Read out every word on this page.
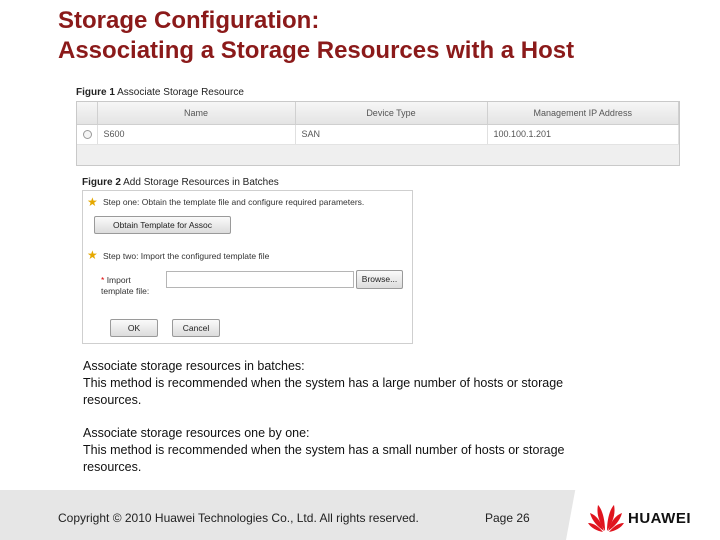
Storage Configuration:
Associating a Storage Resources with a Host
Figure 1 Associate Storage Resource
	Name	Device Type	Management IP Address
	S600	SAN	100.100.1.201
Figure 2 Add Storage Resources in Batches
★ Step one: Obtain the template file and configure required parameters.
Obtain Template for Assoc
★ Step two: Import the configured template file
* Import
template file:
Browse...
OK	Cancel
Associate storage resources in batches:
This method is recommended when the system has a large number of hosts or storage resources.
Associate storage resources one by one:
This method is recommended when the system has a small number of hosts or storage resources.
Copyright © 2010 Huawei Technologies Co., Ltd. All rights reserved.	Page 26	HUAWEI
